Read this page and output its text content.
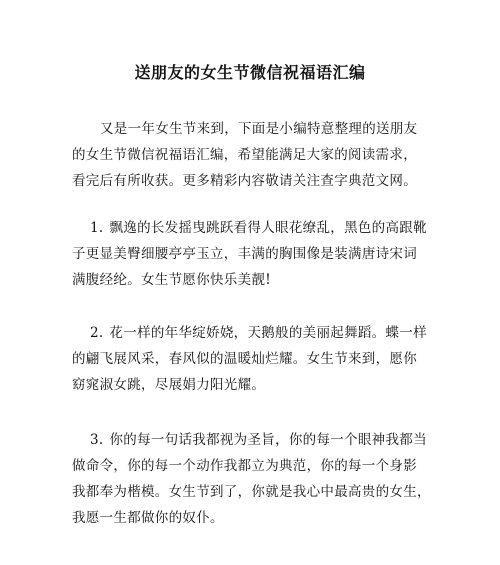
送朋友的女生节微信祝福语汇编

又是一年女生节来到，下面是小编特意整理的送朋友
的女生节微信祝福语汇编，希望能满足大家的阅读需求，
看完后有所收获。更多精彩内容敬请关注查字典范文网。

1. 飘逸的长发摇曳跳跃看得人眼花缭乱，黑色的高跟靴
子更显美臀细腰亭亭玉立，丰满的胸围像是装满唐诗宋词
满腹经纶。女生节愿你快乐美靓!

2. 花一样的年华绽娇娆，天鹅般的美丽起舞蹈。蝶一样
的翩飞展风采，春风似的温暖灿烂耀。女生节来到，愿你
窈窕淑女跳，尽展娟力阳光耀。

3. 你的每一句话我都视为圣旨，你的每一个眼神我都当
做命令，你的每一个动作我都立为典范，你的每一个身影
我都奉为楷模。女生节到了，你就是我心中最高贵的女生，
我愿一生都做你的奴仆。
